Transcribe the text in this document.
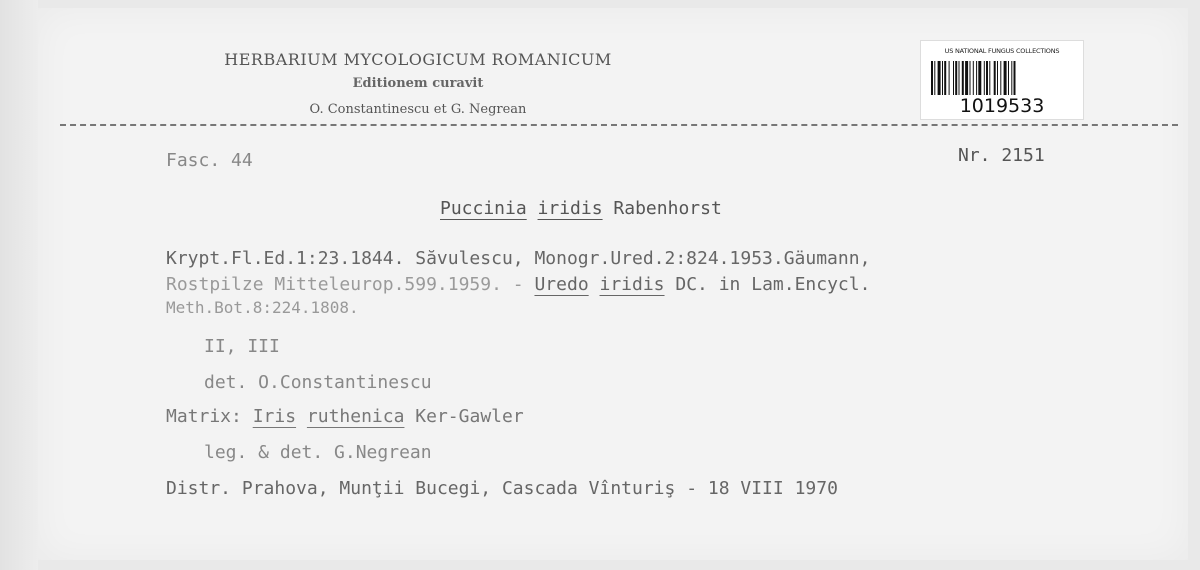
HERBARIUM MYCOLOGICUM ROMANICUM
Editionem curavit
O. Constantinescu et G. Negrean
US NATIONAL FUNGUS COLLECTIONS
1019533
Fasc. 44	Nr. 2151
Puccinia iridis Rabenhorst
Krypt.Fl.Ed.1:23.1844. Săvulescu, Monogr.Ured.2:824.1953.Gäumann,
Rostpilze Mitteleurop.599.1959. - Uredo iridis DC. in Lam.Encycl.
Meth.Bot.8:224.1808.
II, III
det. O.Constantinescu
Matrix: Iris ruthenica Ker-Gawler
leg. & det. G.Negrean
Distr. Prahova, Munţii Bucegi, Cascada Vînturiş - 18 VIII 1970
